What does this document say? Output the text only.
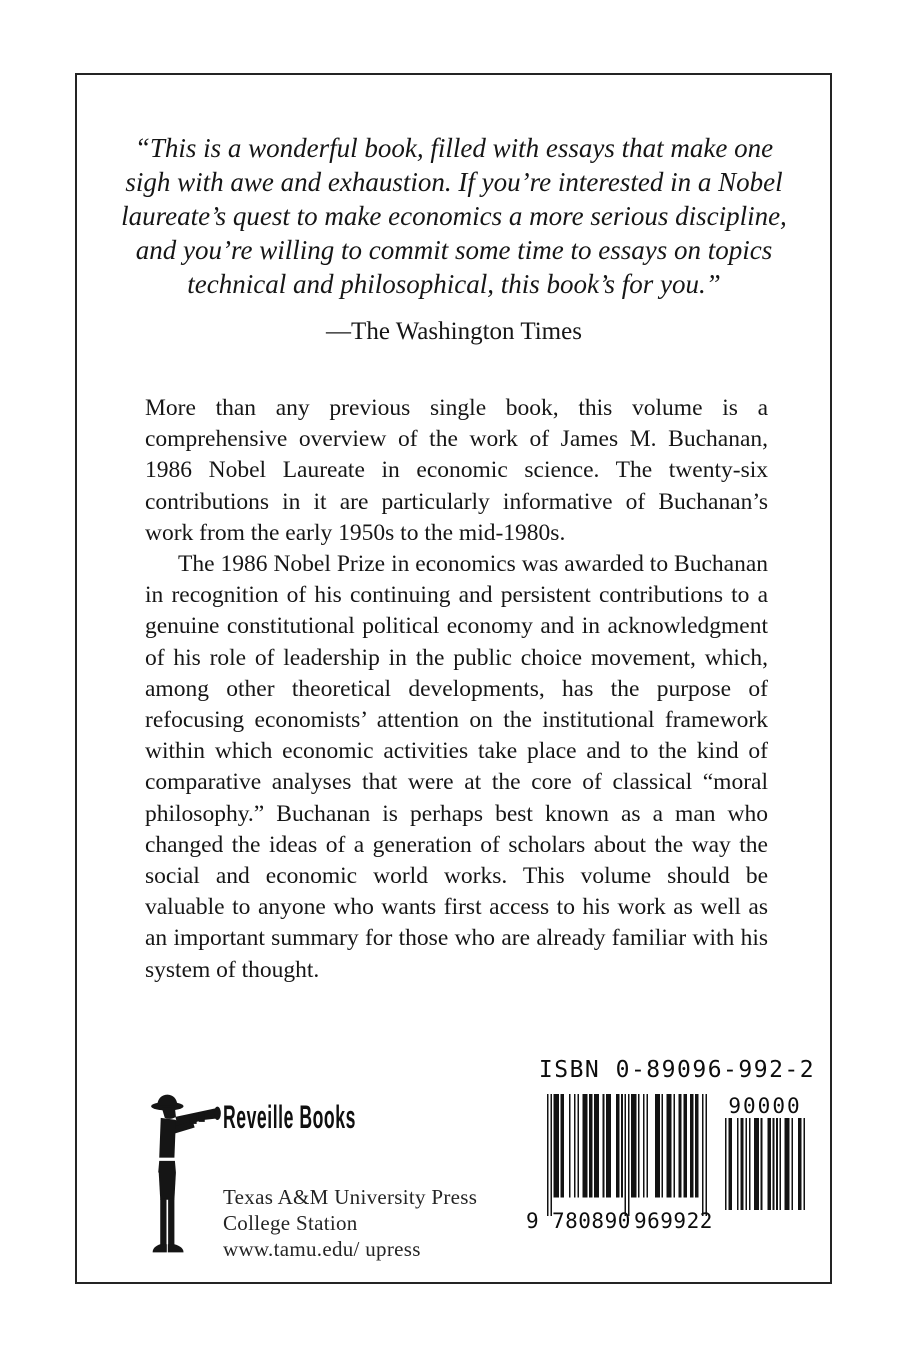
“This is a wonderful book, filled with essays that make one
sigh with awe and exhaustion. If you’re interested in a Nobel
laureate’s quest to make economics a more serious discipline,
and you’re willing to commit some time to essays on topics
technical and philosophical, this book’s for you.”
—The Washington Times

More than any previous single book, this volume is a comprehensive overview of the work of James M. Buchanan, 1986 Nobel Laureate in economic science. The twenty-six contributions in it are particularly informative of Buchanan’s work from the early 1950s to the mid-1980s.

The 1986 Nobel Prize in economics was awarded to Buchanan in recognition of his continuing and persistent contributions to a genuine constitutional political economy and in acknowledgment of his role of leadership in the public choice movement, which, among other theoretical developments, has the purpose of refocusing economists’ attention on the institutional framework within which economic activities take place and to the kind of comparative analyses that were at the core of classical “moral philosophy.” Buchanan is perhaps best known as a man who changed the ideas of a generation of scholars about the way the social and economic world works. This volume should be valuable to anyone who wants first access to his work as well as an important summary for those who are already familiar with his system of thought.

Reveille Books
Texas A&M University Press
College Station
www.tamu.edu/ upress
ISBN 0-89096-992-2
9 780890 969922
90000
